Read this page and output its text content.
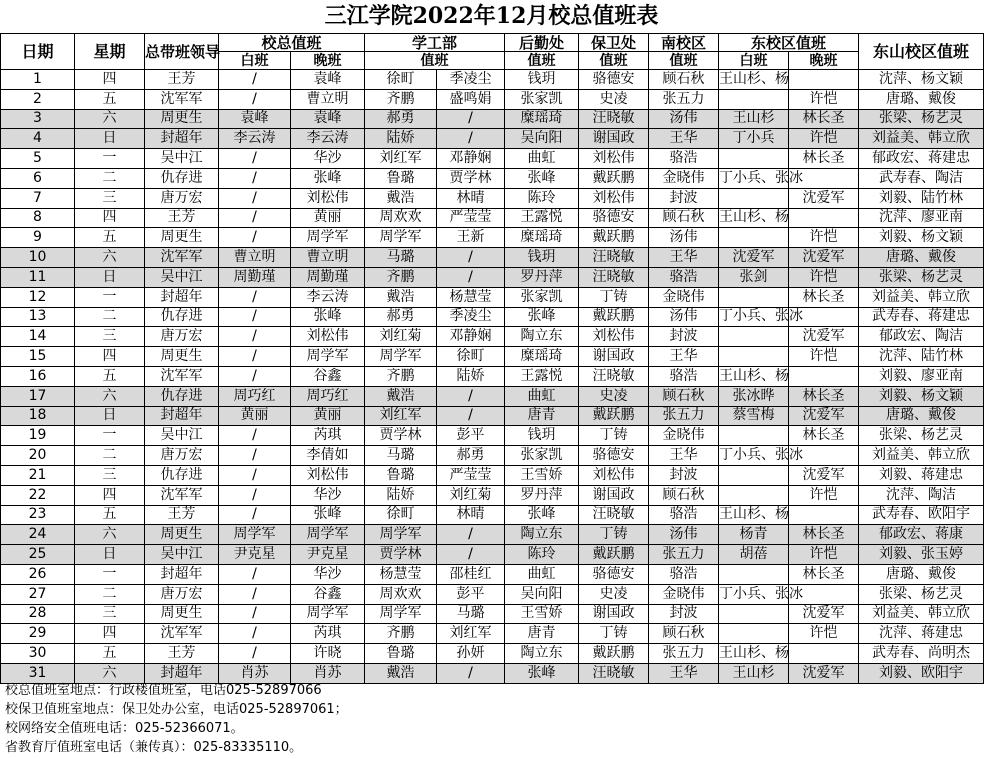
三江学院2022年12月校总值班表
日期	星期	总带班领导	校总值班		学工部		后勤处	保卫处	南校区	东校区值班		东山校区值班
			白班	晚班	值班		值班	值班	值班	白班	晚班	
1	四	王芳	/	袁峰	徐町	季凌尘	钱玥	骆德安	顾石秋	王山杉、杨		沈萍、杨文颖
2	五	沈军军	/	曹立明	齐鹏	盛鸣娟	张家凯	史凌	张五力		许恺	唐璐、戴俊
3	六	周更生	袁峰	袁峰	郝勇	/	糜瑶琦	汪晓敏	汤伟	王山杉	林长圣	张梁、杨艺灵
4	日	封超年	李云涛	李云涛	陆娇	/	吴向阳	谢国政	王华	丁小兵	许恺	刘益美、韩立欣
5	一	吴中江	/	华沙	刘红军	邓静娴	曲虹	刘松伟	骆浩		林长圣	郁政宏、蒋建忠
6	二	仇存进	/	张峰	鲁璐	贾学林	张峰	戴跃鹏	金晓伟	丁小兵、张冰		武寿春、陶洁
7	三	唐万宏	/	刘松伟	戴浩	林晴	陈玲	刘松伟	封波		沈爱军	刘毅、陆竹林
8	四	王芳	/	黄丽	周欢欢	严莹莹	王露悦	骆德安	顾石秋	王山杉、杨		沈萍、廖亚南
9	五	周更生	/	周学军	周学军	王新	糜瑶琦	戴跃鹏	汤伟		许恺	刘毅、杨文颖
10	六	沈军军	曹立明	曹立明	马璐	/	钱玥	汪晓敏	王华	沈爱军	沈爱军	唐璐、戴俊
11	日	吴中江	周勤瑾	周勤瑾	齐鹏	/	罗丹萍	汪晓敏	骆浩	张剑	许恺	张梁、杨艺灵
12	一	封超年	/	李云涛	戴浩	杨慧莹	张家凯	丁铸	金晓伟		林长圣	刘益美、韩立欣
13	二	仇存进	/	张峰	郝勇	季凌尘	张峰	戴跃鹏	汤伟	丁小兵、张冰		武寿春、蒋建忠
14	三	唐万宏	/	刘松伟	刘红菊	邓静娴	陶立东	刘松伟	封波		沈爱军	郁政宏、陶洁
15	四	周更生	/	周学军	周学军	徐町	糜瑶琦	谢国政	王华		许恺	沈萍、陆竹林
16	五	沈军军	/	谷鑫	齐鹏	陆娇	王露悦	汪晓敏	骆浩	王山杉、杨		刘毅、廖亚南
17	六	仇存进	周巧红	周巧红	戴浩	/	曲虹	史凌	顾石秋	张冰晔	林长圣	刘毅、杨文颖
18	日	封超年	黄丽	黄丽	刘红军	/	唐青	戴跃鹏	张五力	蔡雪梅	沈爱军	唐璐、戴俊
19	一	吴中江	/	芮琪	贾学林	彭平	钱玥	丁铸	金晓伟		林长圣	张梁、杨艺灵
20	二	唐万宏	/	李倩如	马璐	郝勇	张家凯	骆德安	王华	丁小兵、张冰		刘益美、韩立欣
21	三	仇存进	/	刘松伟	鲁璐	严莹莹	王雪娇	刘松伟	封波		沈爱军	刘毅、蒋建忠
22	四	沈军军	/	华沙	陆娇	刘红菊	罗丹萍	谢国政	顾石秋		许恺	沈萍、陶洁
23	五	王芳	/	张峰	徐町	林晴	张峰	汪晓敏	骆浩	王山杉、杨		武寿春、欧阳宇
24	六	周更生	周学军	周学军	周学军	/	陶立东	丁铸	汤伟	杨青	林长圣	郁政宏、蒋康
25	日	吴中江	尹克星	尹克星	贾学林	/	陈玲	戴跃鹏	张五力	胡蓓	许恺	刘毅、张玉婷
26	一	封超年	/	华沙	杨慧莹	邵桂红	曲虹	骆德安	骆浩		林长圣	唐璐、戴俊
27	二	唐万宏	/	谷鑫	周欢欢	彭平	吴向阳	史凌	金晓伟	丁小兵、张冰		张梁、杨艺灵
28	三	周更生	/	周学军	周学军	马璐	王雪娇	谢国政	封波		沈爱军	刘益美、韩立欣
29	四	沈军军	/	芮琪	齐鹏	刘红军	唐青	丁铸	顾石秋		许恺	沈萍、蒋建忠
30	五	王芳	/	许晓	鲁璐	孙妍	陶立东	戴跃鹏	张五力	王山杉、杨		武寿春、尚明杰
31	六	封超年	肖苏	肖苏	戴浩	/	张峰	汪晓敏	王华	王山杉	沈爱军	刘毅、欧阳宇
校总值班室地点：行政楼值班室，电话025-52897066
校保卫值班室地点：保卫处办公室，电话025-52897061；
校网络安全值班电话：025-52366071。
省教育厅值班室电话（兼传真）：025-83335110。
